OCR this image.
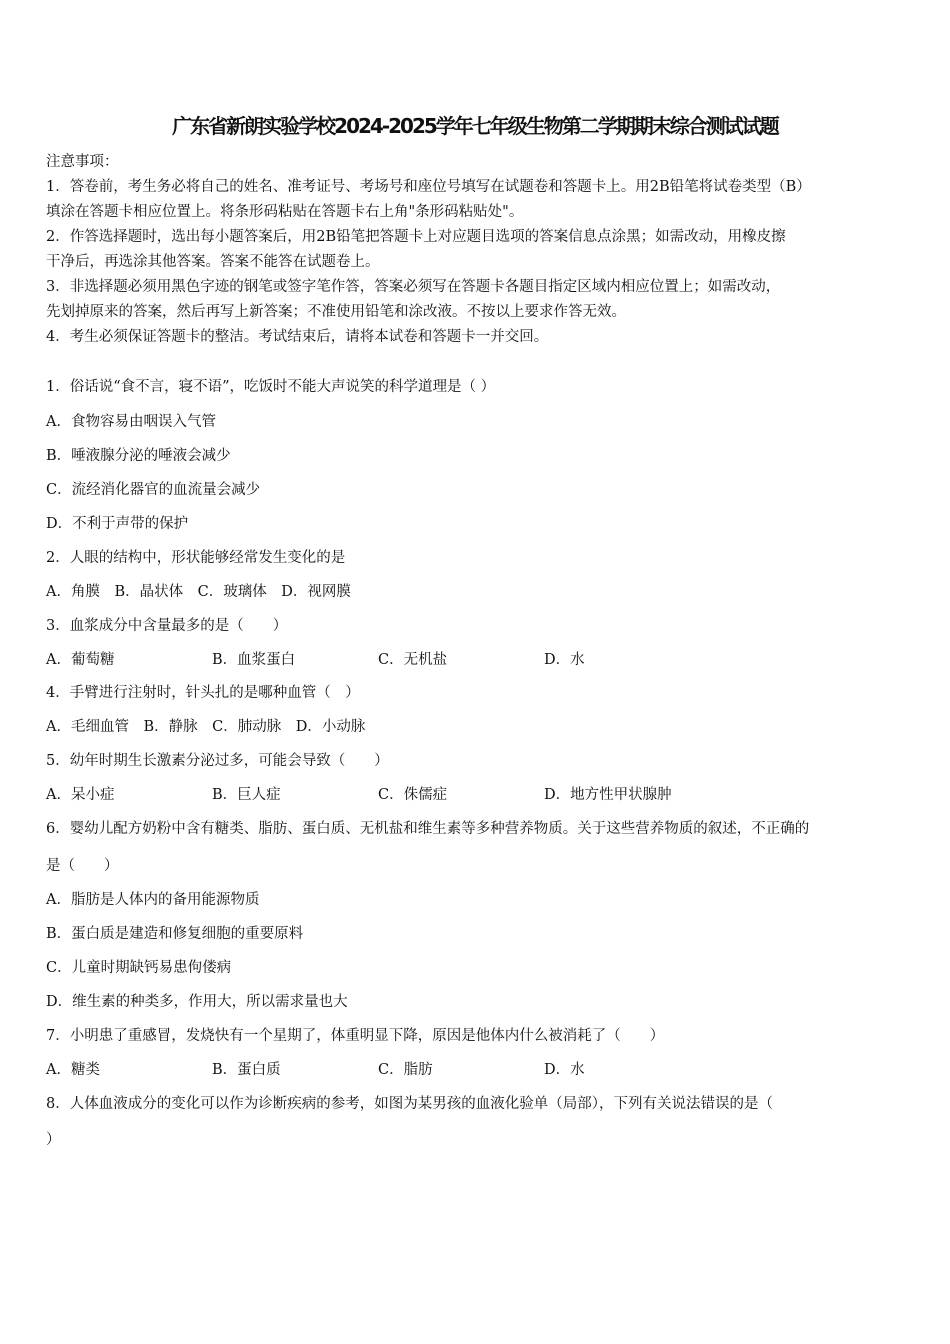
广东省新朗实验学校2024-2025学年七年级生物第二学期期末综合测试试题
注意事项：
1．答卷前，考生务必将自己的姓名、准考证号、考场号和座位号填写在试题卷和答题卡上。用2B铅笔将试卷类型（B）
填涂在答题卡相应位置上。将条形码粘贴在答题卡右上角"条形码粘贴处"。
2．作答选择题时，选出每小题答案后，用2B铅笔把答题卡上对应题目选项的答案信息点涂黑；如需改动，用橡皮擦
干净后，再选涂其他答案。答案不能答在试题卷上。
3．非选择题必须用黑色字迹的钢笔或签字笔作答，答案必须写在答题卡各题目指定区域内相应位置上；如需改动，
先划掉原来的答案，然后再写上新答案；不准使用铅笔和涂改液。不按以上要求作答无效。
4．考生必须保证答题卡的整洁。考试结束后，请将本试卷和答题卡一并交回。
1．俗话说“食不言，寝不语”，吃饭时不能大声说笑的科学道理是（ ）
A．食物容易由咽误入气管
B．唾液腺分泌的唾液会减少
C．流经消化器官的血流量会减少
D．不利于声带的保护
2．人眼的结构中，形状能够经常发生变化的是
A．角膜　B．晶状体　C．玻璃体　D．视网膜
3．血浆成分中含量最多的是（　　）
A．葡萄糖	B．血浆蛋白	C．无机盐	D．水
4．手臂进行注射时，针头扎的是哪种血管（　）
A．毛细血管　B．静脉　C．肺动脉　D．小动脉
5．幼年时期生长激素分泌过多，可能会导致（　　）
A．呆小症	B．巨人症	C．侏儒症	D．地方性甲状腺肿
6．婴幼儿配方奶粉中含有糖类、脂肪、蛋白质、无机盐和维生素等多种营养物质。关于这些营养物质的叙述，不正确的
是（　　）
A．脂肪是人体内的备用能源物质
B．蛋白质是建造和修复细胞的重要原料
C．儿童时期缺钙易患佝偻病
D．维生素的种类多，作用大，所以需求量也大
7．小明患了重感冒，发烧快有一个星期了，体重明显下降，原因是他体内什么被消耗了（　　）
A．糖类	B．蛋白质	C．脂肪	D．水
8．人体血液成分的变化可以作为诊断疾病的参考，如图为某男孩的血液化验单（局部），下列有关说法错误的是（
）
